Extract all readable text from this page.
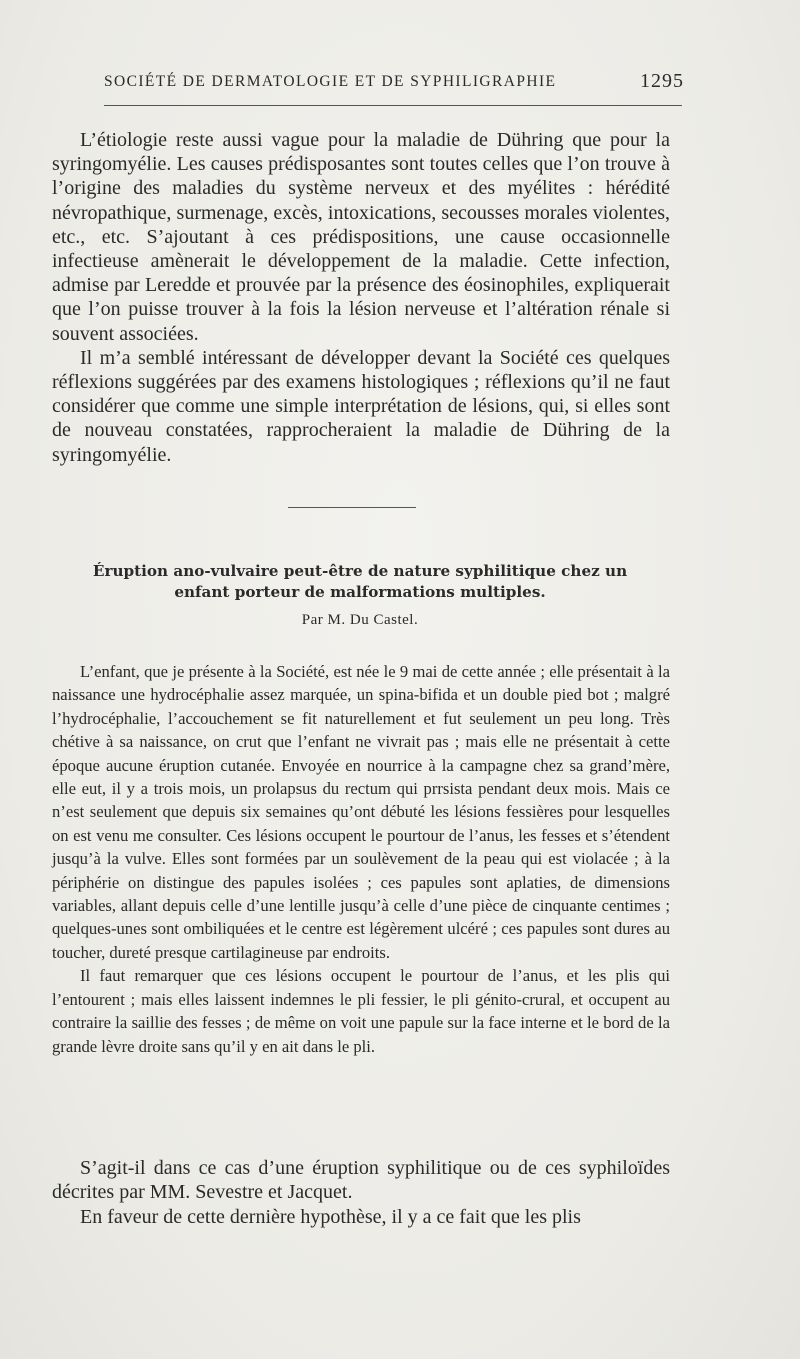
SOCIÉTÉ DE DERMATOLOGIE ET DE SYPHILIGRAPHIE	1295

L’étiologie reste aussi vague pour la maladie de Dühring que pour la syringomyélie. Les causes prédisposantes sont toutes celles que l’on trouve à l’origine des maladies du système nerveux et des myélites : hérédité névropathique, surmenage, excès, intoxications, secousses morales violentes, etc., etc. S’ajoutant à ces prédispositions, une cause occasionnelle infectieuse amènerait le développement de la maladie. Cette infection, admise par Leredde et prouvée par la présence des éosinophiles, expliquerait que l’on puisse trouver à la fois la lésion nerveuse et l’altération rénale si souvent associées.

Il m’a semblé intéressant de développer devant la Société ces quelques réflexions suggérées par des examens histologiques ; réflexions qu’il ne faut considérer que comme une simple interprétation de lésions, qui, si elles sont de nouveau constatées, rapprocheraient la maladie de Dühring de la syringomyélie.

Éruption ano-vulvaire peut-être de nature syphilitique chez un
enfant porteur de malformations multiples.
Par M. Du Castel.

L’enfant, que je présente à la Société, est née le 9 mai de cette année ; elle présentait à la naissance une hydrocéphalie assez marquée, un spina-bifida et un double pied bot ; malgré l’hydrocéphalie, l’accouchement se fit naturellement et fut seulement un peu long. Très chétive à sa naissance, on crut que l’enfant ne vivrait pas ; mais elle ne présentait à cette époque aucune éruption cutanée. Envoyée en nourrice à la campagne chez sa grand’mère, elle eut, il y a trois mois, un prolapsus du rectum qui prrsista pendant deux mois. Mais ce n’est seulement que depuis six semaines qu’ont débuté les lésions fessières pour lesquelles on est venu me consulter. Ces lésions occupent le pourtour de l’anus, les fesses et s’étendent jusqu’à la vulve. Elles sont formées par un soulèvement de la peau qui est violacée ; à la périphérie on distingue des papules isolées ; ces papules sont aplaties, de dimensions variables, allant depuis celle d’une lentille jusqu’à celle d’une pièce de cinquante centimes ; quelques-unes sont ombiliquées et le centre est légèrement ulcéré ; ces papules sont dures au toucher, dureté presque cartilagineuse par endroits.

Il faut remarquer que ces lésions occupent le pourtour de l’anus, et les plis qui l’entourent ; mais elles laissent indemnes le pli fessier, le pli génito-crural, et occupent au contraire la saillie des fesses ; de même on voit une papule sur la face interne et le bord de la grande lèvre droite sans qu’il y en ait dans le pli.

S’agit-il dans ce cas d’une éruption syphilitique ou de ces syphiloïdes décrites par MM. Sevestre et Jacquet.

En faveur de cette dernière hypothèse, il y a ce fait que les plis
